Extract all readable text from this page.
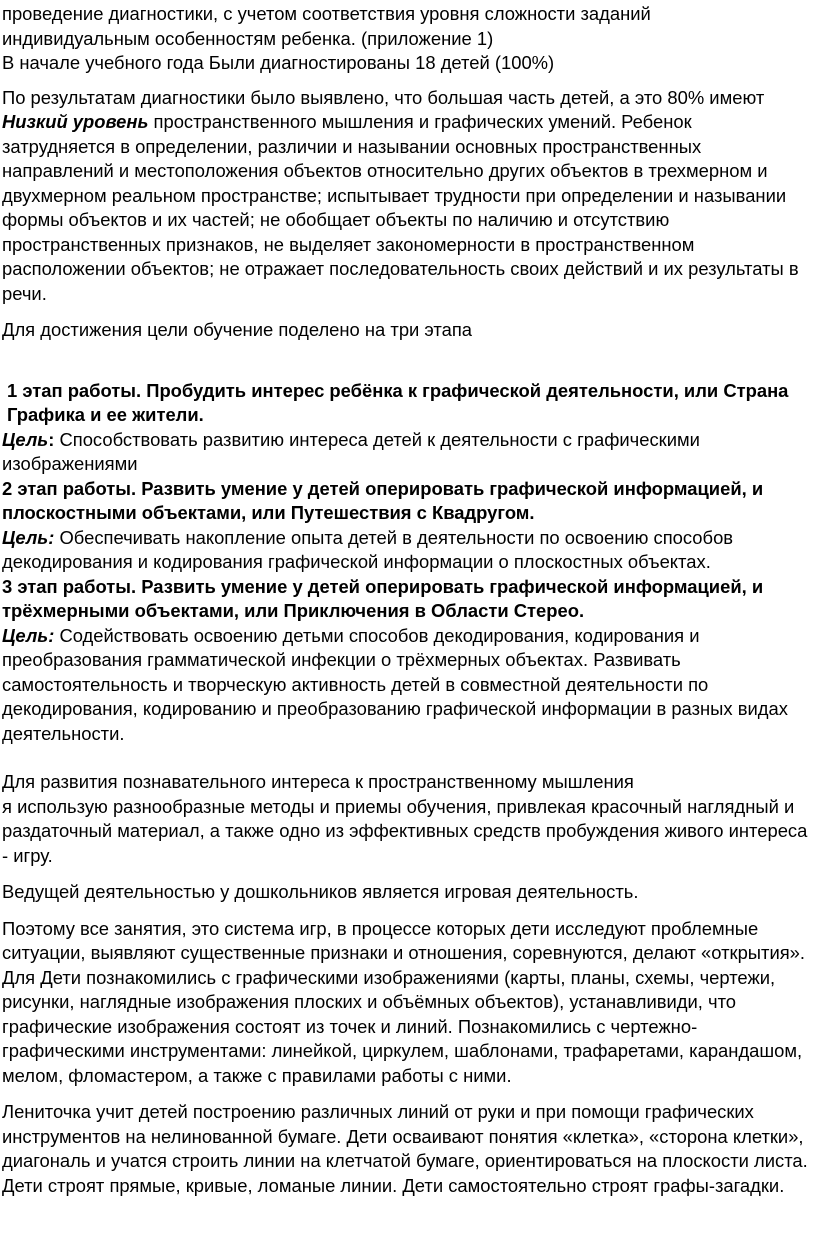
проведение диагностики, с учетом соответствия уровня сложности заданий
индивидуальным особенностям ребенка. (приложение 1)
В начале учебного года Были диагностированы 18 детей (100%)

По результатам диагностики было выявлено, что большая часть детей, а это 80% имеют Низкий уровень пространственного мышления и графических умений. Ребенок затрудняется в определении, различии и назывании основных пространственных направлений и местоположения объектов относительно других объектов в трехмерном и двухмерном реальном пространстве; испытывает трудности при определении и назывании формы объектов и их частей; не обобщает объекты по наличию и отсутствию пространственных признаков, не выделяет закономерности в пространственном расположении объектов; не отражает последовательность своих действий и их результаты в речи.

Для достижения цели обучение поделено на три этапа

1 этап работы. Пробудить интерес ребёнка к графической деятельности, или Страна Графика и ее жители.

Цель: Способствовать развитию интереса детей к деятельности с графическими изображениями

2 этап работы. Развить умение у детей оперировать графической информацией, и плоскостными объектами, или Путешествия с Квадругом.

Цель: Обеспечивать накопление опыта детей в деятельности по освоению способов декодирования и кодирования графической информации о плоскостных объектах.

3 этап работы. Развить умение у детей оперировать графической информацией, и трёхмерными объектами, или Приключения в Области Стерео.

Цель: Содействовать освоению детьми способов декодирования, кодирования и преобразования грамматической инфекции о трёхмерных объектах. Развивать самостоятельность и творческую активность детей в совместной деятельности по декодирования, кодированию и преобразованию графической информации в разных видах деятельности.

Для развития познавательного интереса к пространственному мышления
я использую разнообразные методы и приемы обучения, привлекая красочный наглядный и раздаточный материал, а также одно из эффективных средств пробуждения живого интереса - игру.

Ведущей деятельностью у дошкольников является игровая деятельность.

Поэтому все занятия, это система игр, в процессе которых дети исследуют проблемные ситуации, выявляют существенные признаки и отношения, соревнуются, делают «открытия». Для Дети познакомились с графическими изображениями (карты, планы, схемы, чертежи, рисунки, наглядные изображения плоских и объёмных объектов), устанавливиди, что графические изображения состоят из точек и линий. Познакомились с чертежно-графическими инструментами: линейкой, циркулем, шаблонами, трафаретами, карандашом, мелом, фломастером, а также с правилами работы с ними.

Лениточка учит детей построению различных линий от руки и при помощи графических инструментов на нелинованной бумаге. Дети осваивают понятия «клетка», «сторона клетки», диагональ и учатся строить линии на клетчатой бумаге, ориентироваться на плоскости листа. Дети строят прямые, кривые, ломаные линии. Дети самостоятельно строят графы-загадки.
